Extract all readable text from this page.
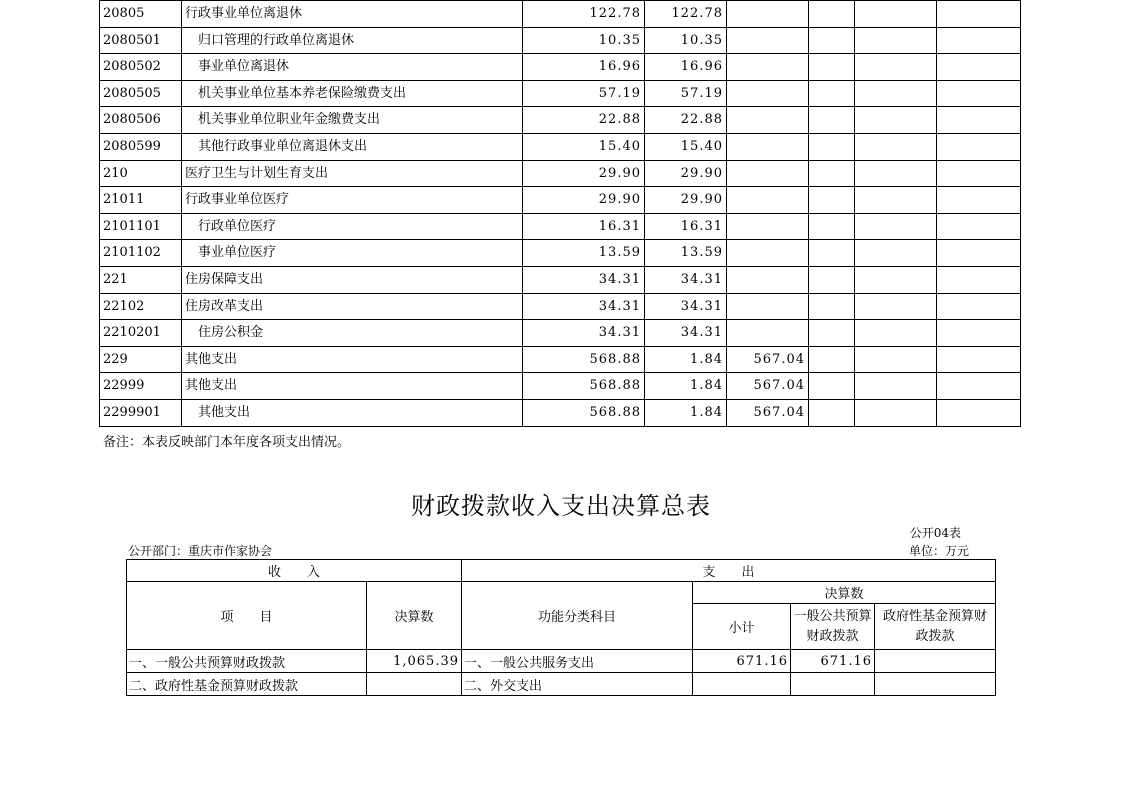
20805	行政事业单位离退休	122.78	122.78				
2080501	归口管理的行政单位离退休	10.35	10.35				
2080502	事业单位离退休	16.96	16.96				
2080505	机关事业单位基本养老保险缴费支出	57.19	57.19				
2080506	机关事业单位职业年金缴费支出	22.88	22.88				
2080599	其他行政事业单位离退休支出	15.40	15.40				
210	医疗卫生与计划生育支出	29.90	29.90				
21011	行政事业单位医疗	29.90	29.90				
2101101	行政单位医疗	16.31	16.31				
2101102	事业单位医疗	13.59	13.59				
221	住房保障支出	34.31	34.31				
22102	住房改革支出	34.31	34.31				
2210201	住房公积金	34.31	34.31				
229	其他支出	568.88	1.84	567.04			
22999	其他支出	568.88	1.84	567.04			
2299901	其他支出	568.88	1.84	567.04			
备注：本表反映部门本年度各项支出情况。
财政拨款收入支出决算总表
公开04表
公开部门：重庆市作家协会	单位：万元
收　　入		支　　出			
项　　目	决算数	功能分类科目	决算数		
			小计	一般公共预算财政拨款	政府性基金预算财政拨款
一、一般公共预算财政拨款	1,065.39	一、一般公共服务支出	671.16	671.16	
二、政府性基金预算财政拨款		二、外交支出			
